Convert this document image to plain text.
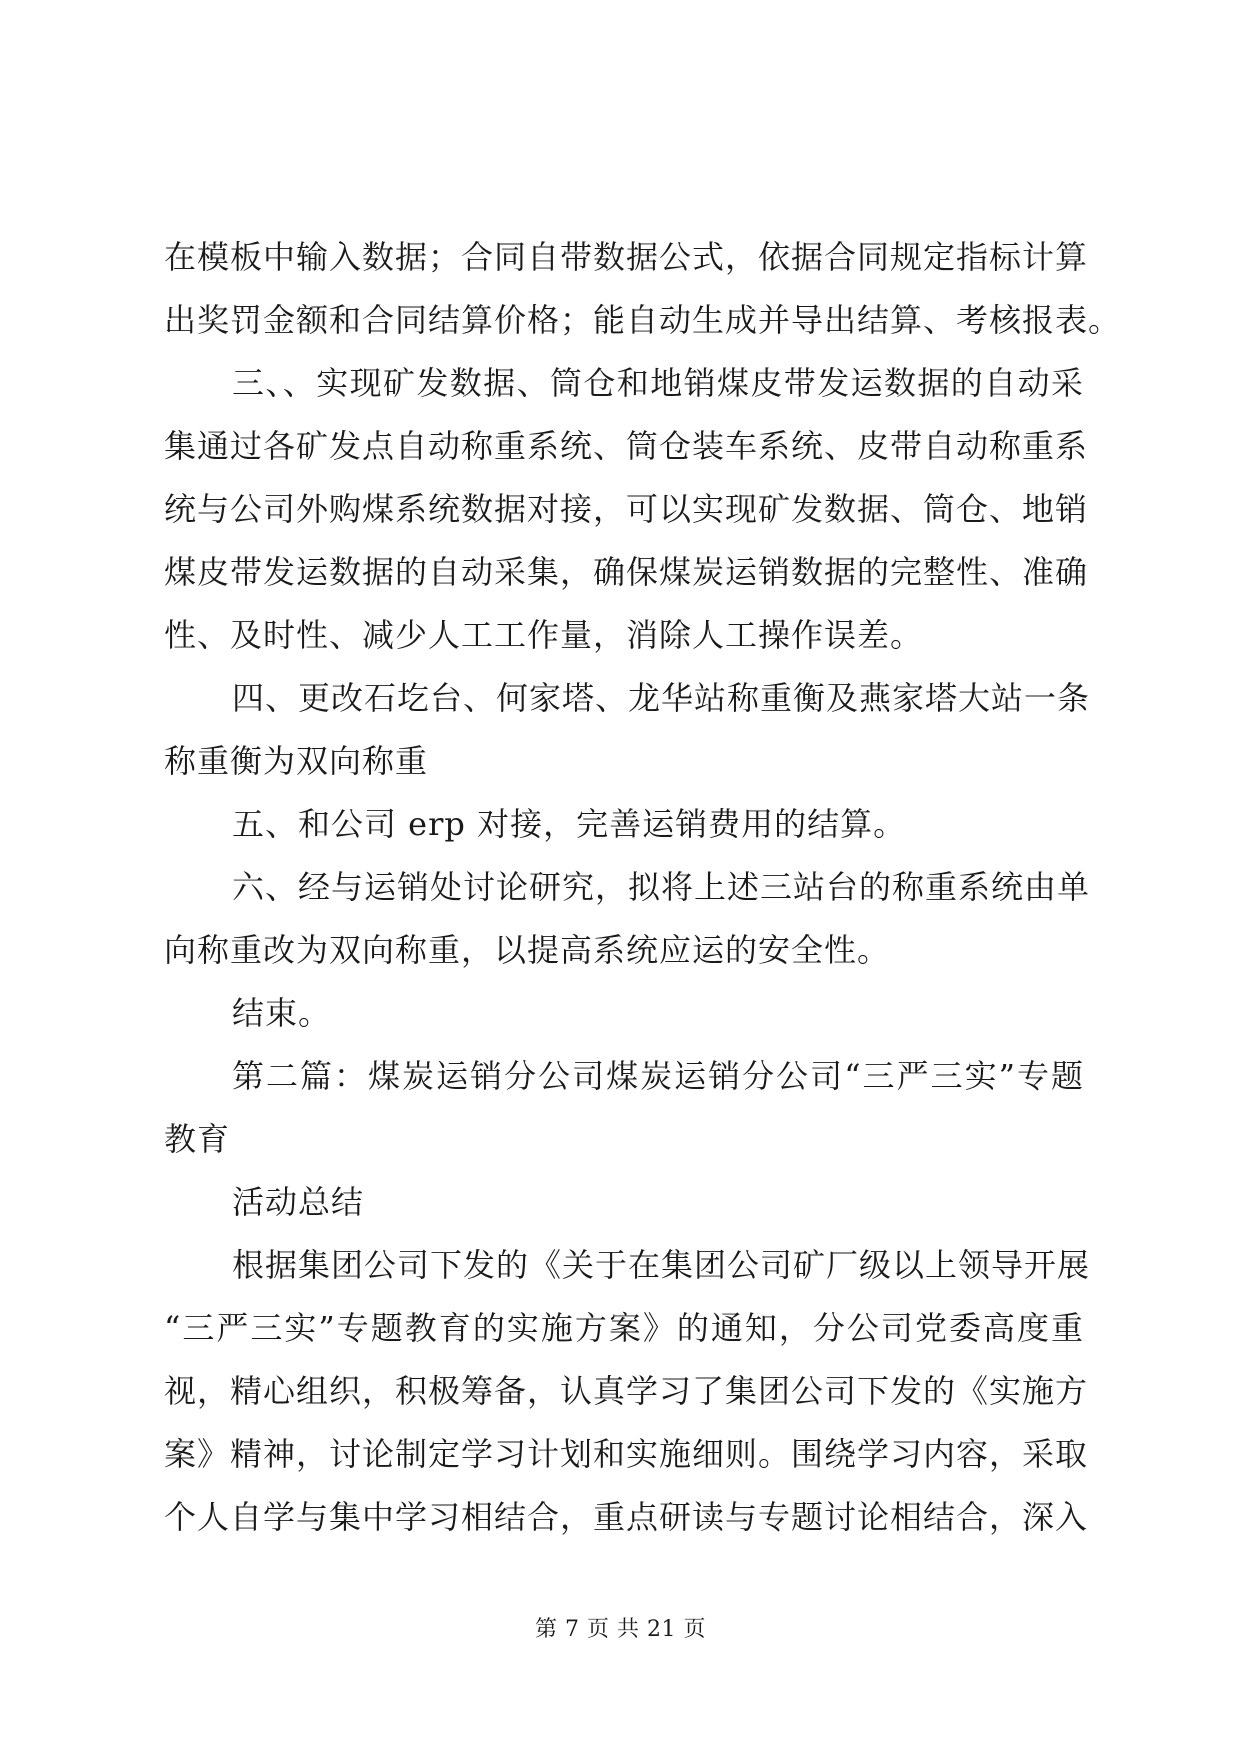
在模板中输入数据；合同自带数据公式，依据合同规定指标计算
出奖罚金额和合同结算价格；能自动生成并导出结算、考核报表。
三、、实现矿发数据、筒仓和地销煤皮带发运数据的自动采
集通过各矿发点自动称重系统、筒仓装车系统、皮带自动称重系
统与公司外购煤系统数据对接，可以实现矿发数据、筒仓、地销
煤皮带发运数据的自动采集，确保煤炭运销数据的完整性、准确
性、及时性、减少人工工作量，消除人工操作误差。
四、更改石圪台、何家塔、龙华站称重衡及燕家塔大站一条
称重衡为双向称重
五、和公司 erp 对接，完善运销费用的结算。
六、经与运销处讨论研究，拟将上述三站台的称重系统由单
向称重改为双向称重，以提高系统应运的安全性。
结束。
第二篇：煤炭运销分公司煤炭运销分公司“三严三实”专题
教育
活动总结
根据集团公司下发的《关于在集团公司矿厂级以上领导开展
“三严三实”专题教育的实施方案》的通知，分公司党委高度重
视，精心组织，积极筹备，认真学习了集团公司下发的《实施方
案》精神，讨论制定学习计划和实施细则。围绕学习内容，采取
个人自学与集中学习相结合，重点研读与专题讨论相结合，深入
第 7 页 共 21 页
